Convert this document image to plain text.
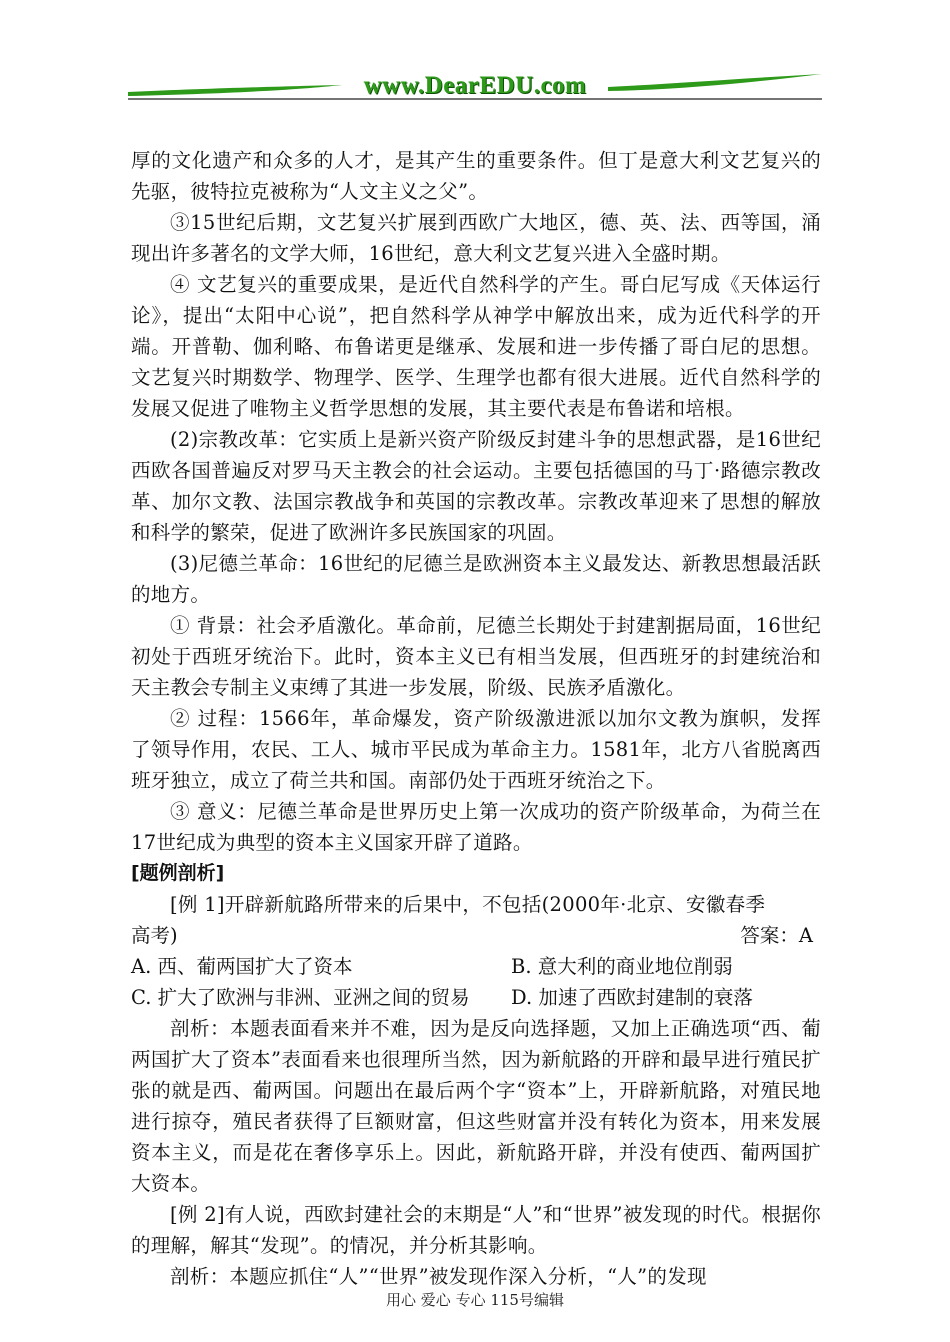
www.DearEDU.com

厚的文化遗产和众多的人才，是其产生的重要条件。但丁是意大利文艺复兴的先驱，彼特拉克被称为“人文主义之父”。

③15世纪后期，文艺复兴扩展到西欧广大地区，德、英、法、西等国，涌现出许多著名的文学大师，16世纪，意大利文艺复兴进入全盛时期。

④ 文艺复兴的重要成果，是近代自然科学的产生。哥白尼写成《天体运行论》，提出“太阳中心说”，把自然科学从神学中解放出来，成为近代科学的开端。开普勒、伽利略、布鲁诺更是继承、发展和进一步传播了哥白尼的思想。文艺复兴时期数学、物理学、医学、生理学也都有很大进展。近代自然科学的发展又促进了唯物主义哲学思想的发展，其主要代表是布鲁诺和培根。

(2)宗教改革：它实质上是新兴资产阶级反封建斗争的思想武器，是16世纪西欧各国普遍反对罗马天主教会的社会运动。主要包括德国的马丁·路德宗教改革、加尔文教、法国宗教战争和英国的宗教改革。宗教改革迎来了思想的解放和科学的繁荣，促进了欧洲许多民族国家的巩固。

(3)尼德兰革命：16世纪的尼德兰是欧洲资本主义最发达、新教思想最活跃的地方。

① 背景：社会矛盾激化。革命前，尼德兰长期处于封建割据局面，16世纪初处于西班牙统治下。此时，资本主义已有相当发展，但西班牙的封建统治和天主教会专制主义束缚了其进一步发展，阶级、民族矛盾激化。

② 过程：1566年，革命爆发，资产阶级激进派以加尔文教为旗帜，发挥了领导作用，农民、工人、城市平民成为革命主力。1581年，北方八省脱离西班牙独立，成立了荷兰共和国。南部仍处于西班牙统治之下。

③ 意义：尼德兰革命是世界历史上第一次成功的资产阶级革命，为荷兰在17世纪成为典型的资本主义国家开辟了道路。

[题例剖析]

[例 1]开辟新航路所带来的后果中，不包括(2000年·北京、安徽春季

高考)	答案：A
A. 西、葡两国扩大了资本	B. 意大利的商业地位削弱
C. 扩大了欧洲与非洲、亚洲之间的贸易	D. 加速了西欧封建制的衰落

剖析：本题表面看来并不难，因为是反向选择题，又加上正确选项“西、葡两国扩大了资本”表面看来也很理所当然，因为新航路的开辟和最早进行殖民扩张的就是西、葡两国。问题出在最后两个字“资本”上，开辟新航路，对殖民地进行掠夺，殖民者获得了巨额财富，但这些财富并没有转化为资本，用来发展资本主义，而是花在奢侈享乐上。因此，新航路开辟，并没有使西、葡两国扩大资本。

[例 2]有人说，西欧封建社会的末期是“人”和“世界”被发现的时代。根据你的理解，解其“发现”。的情况，并分析其影响。

剖析：本题应抓住“人”“世界”被发现作深入分析，“人”的发现

用心 爱心 专心 115号编辑
